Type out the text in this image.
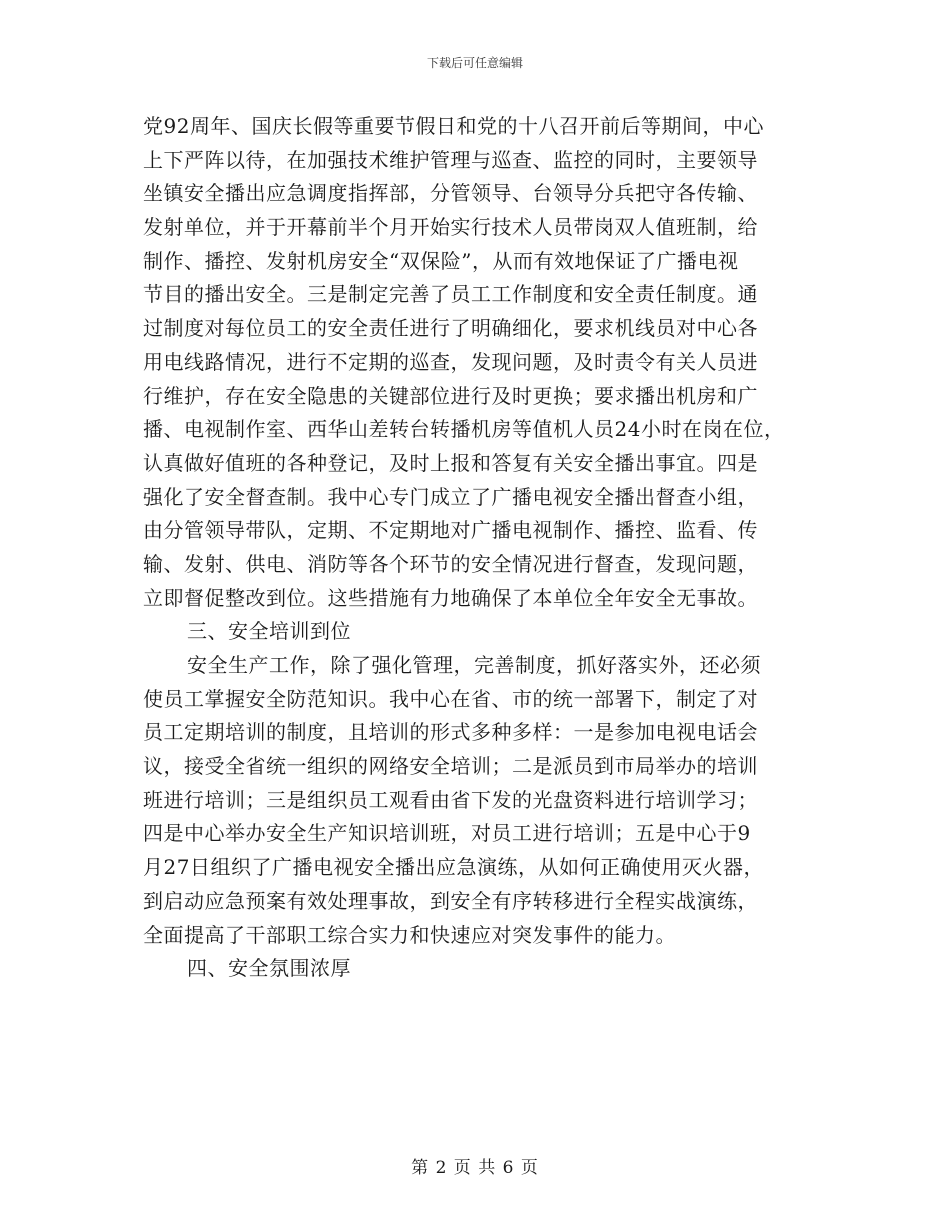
下载后可任意编辑
党92周年、国庆长假等重要节假日和党的十八召开前后等期间，中心
上下严阵以待，在加强技术维护管理与巡查、监控的同时，主要领导
坐镇安全播出应急调度指挥部，分管领导、台领导分兵把守各传输、
发射单位，并于开幕前半个月开始实行技术人员带岗双人值班制，给
制作、播控、发射机房安全“双保险”，从而有效地保证了广播电视
节目的播出安全。三是制定完善了员工工作制度和安全责任制度。通
过制度对每位员工的安全责任进行了明确细化，要求机线员对中心各
用电线路情况，进行不定期的巡查，发现问题，及时责令有关人员进
行维护，存在安全隐患的关键部位进行及时更换；要求播出机房和广
播、电视制作室、西华山差转台转播机房等值机人员24小时在岗在位，
认真做好值班的各种登记，及时上报和答复有关安全播出事宜。四是
强化了安全督查制。我中心专门成立了广播电视安全播出督查小组，
由分管领导带队，定期、不定期地对广播电视制作、播控、监看、传
输、发射、供电、消防等各个环节的安全情况进行督查，发现问题，
立即督促整改到位。这些措施有力地确保了本单位全年安全无事故。
三、安全培训到位
安全生产工作，除了强化管理，完善制度，抓好落实外，还必须
使员工掌握安全防范知识。我中心在省、市的统一部署下，制定了对
员工定期培训的制度，且培训的形式多种多样：一是参加电视电话会
议，接受全省统一组织的网络安全培训；二是派员到市局举办的培训
班进行培训；三是组织员工观看由省下发的光盘资料进行培训学习；
四是中心举办安全生产知识培训班，对员工进行培训；五是中心于9
月27日组织了广播电视安全播出应急演练，从如何正确使用灭火器，
到启动应急预案有效处理事故，到安全有序转移进行全程实战演练，
全面提高了干部职工综合实力和快速应对突发事件的能力。
四、安全氛围浓厚
第 2 页 共 6 页
